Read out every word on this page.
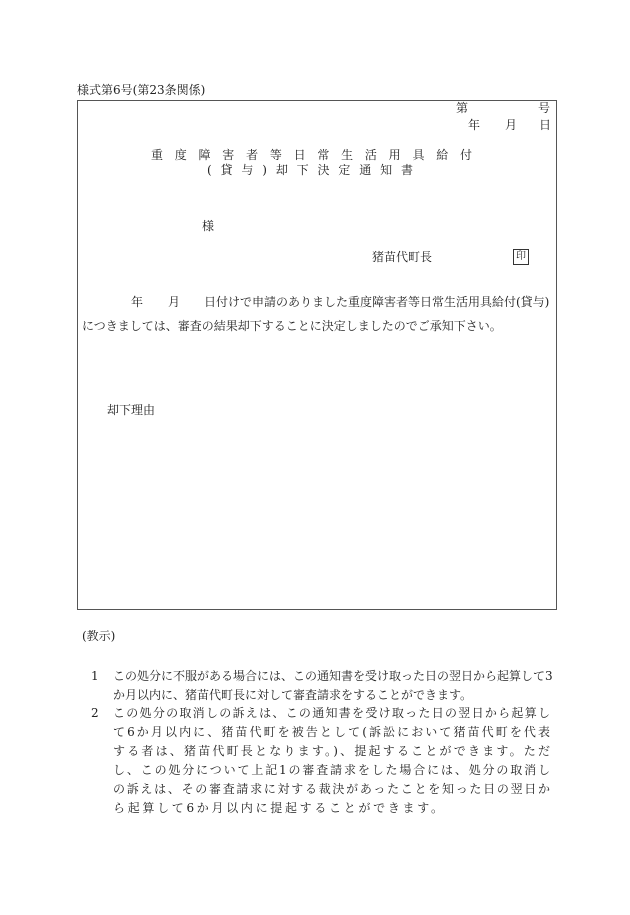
様式第6号(第23条関係)
第	号
年 月 日
重度障害者等日常生活用具給付
(貸与)却下決定通知書
様
猪苗代町長	印
年 月 日付けで申請のありました重度障害者等日常生活用具給付(貸与)
につきましては、審査の結果却下することに決定しましたのでご承知下さい。
却下理由
(教示)
1 この処分に不服がある場合には、この通知書を受け取った日の翌日から起算して3
か月以内に、猪苗代町長に対して審査請求をすることができます。
2 この処分の取消しの訴えは、この通知書を受け取った日の翌日から起算し
て6か月以内に、猪苗代町を被告として(訴訟において猪苗代町を代表
する者は、猪苗代町長となります。)、提起することができます。ただ
し、この処分について上記1の審査請求をした場合には、処分の取消し
の訴えは、その審査請求に対する裁決があったことを知った日の翌日か
ら起算して6か月以内に提起することができます。
